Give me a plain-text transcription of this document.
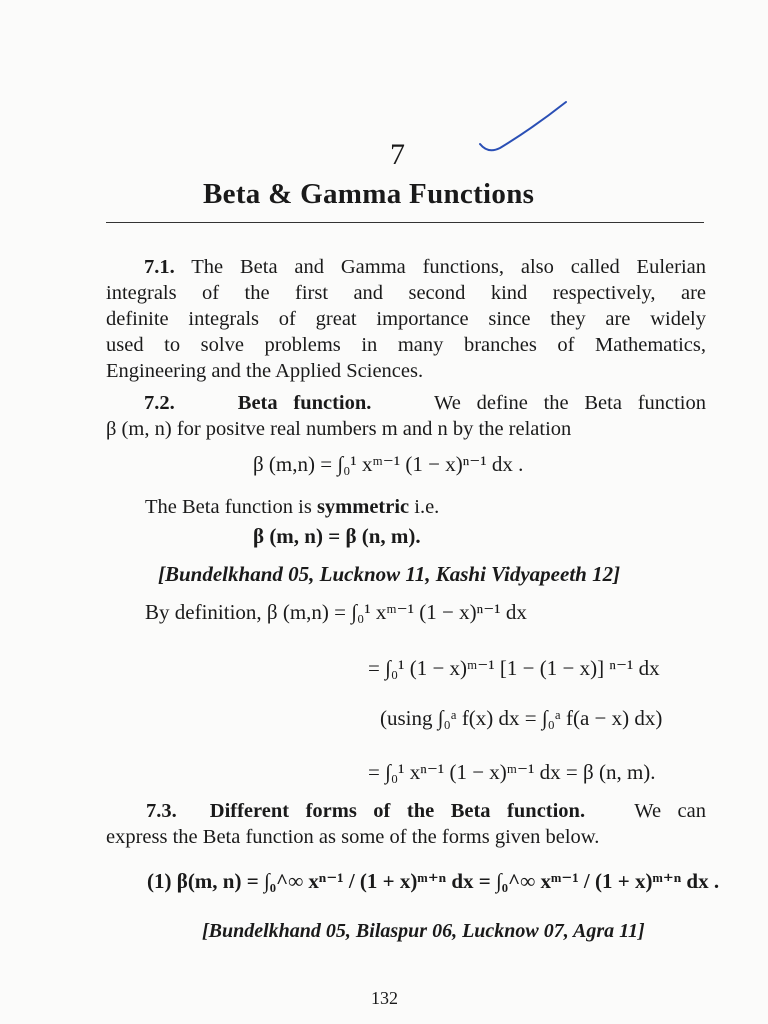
7
Beta & Gamma Functions
7.1. The Beta and Gamma functions, also called Eulerian
integrals of the first and second kind respectively, are
definite integrals of great importance since they are widely
used to solve problems in many branches of Mathematics,
Engineering and the Applied Sciences.
7.2.	Beta function.	We define the Beta function
β (m, n) for positve real numbers m and n by the relation
β (m,n) = ∫₀¹ xᵐ⁻¹ (1 − x)ⁿ⁻¹ dx .
The Beta function is symmetric i.e.
β (m, n) = β (n, m).
[Bundelkhand 05, Lucknow 11, Kashi Vidyapeeth 12]
By definition, β (m,n) = ∫₀¹ xᵐ⁻¹ (1 − x)ⁿ⁻¹ dx
= ∫₀¹ (1 − x)ᵐ⁻¹ [1 − (1 − x)] ⁿ⁻¹ dx
(using ∫₀ᵃ f(x) dx = ∫₀ᵃ f(a − x) dx)
= ∫₀¹ xⁿ⁻¹ (1 − x)ᵐ⁻¹ dx = β (n, m).
7.3. Different forms of the Beta function. We can
express the Beta function as some of the forms given below.
(1) β(m, n) = ∫₀^∞ xⁿ⁻¹ / (1 + x)ᵐ⁺ⁿ dx = ∫₀^∞ xᵐ⁻¹ / (1 + x)ᵐ⁺ⁿ dx .
[Bundelkhand 05, Bilaspur 06, Lucknow 07, Agra 11]
132
